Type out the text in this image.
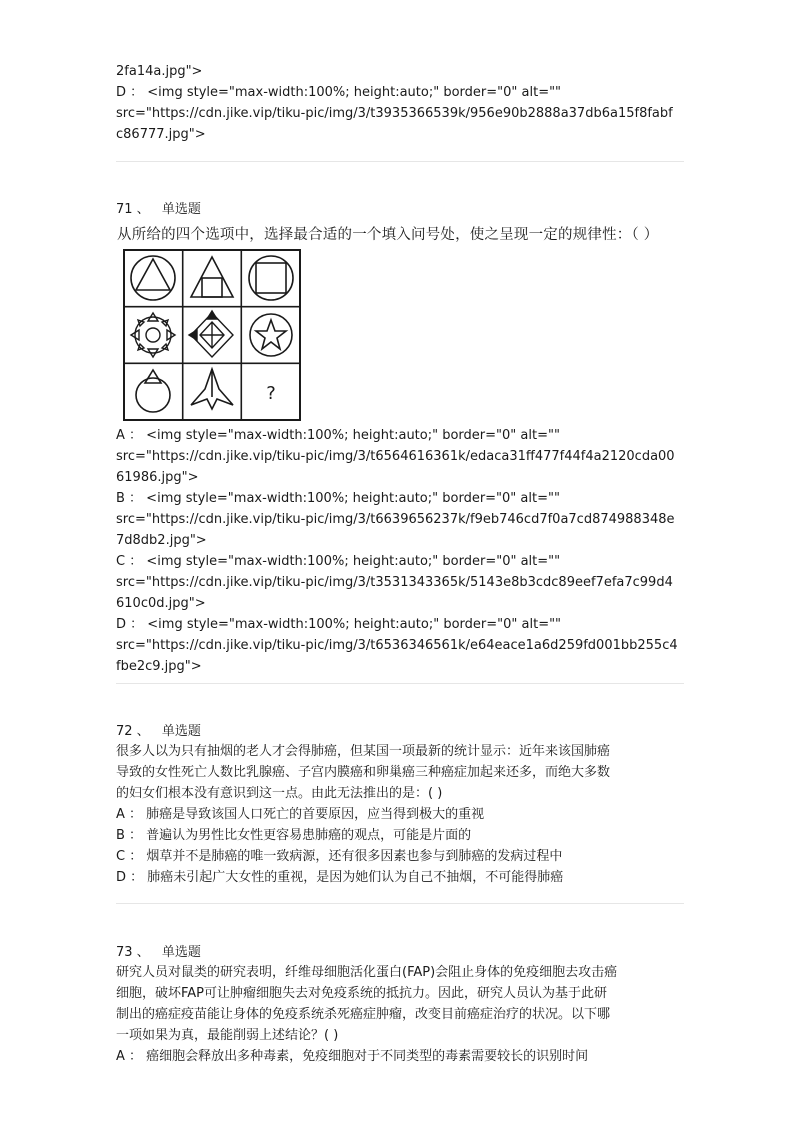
2fa14a.jpg">
D ： <img style="max-width:100%; height:auto;" border="0" alt=""
src="https://cdn.jike.vip/tiku-pic/img/3/t3935366539k/956e90b2888a37db6a15f8fabf
c86777.jpg">
71 、 单选题
从所给的四个选项中，选择最合适的一个填入问号处，使之呈现一定的规律性：（ ）
?
A ： <img style="max-width:100%; height:auto;" border="0" alt=""
src="https://cdn.jike.vip/tiku-pic/img/3/t6564616361k/edaca31ff477f44f4a2120cda00
61986.jpg">
B ： <img style="max-width:100%; height:auto;" border="0" alt=""
src="https://cdn.jike.vip/tiku-pic/img/3/t6639656237k/f9eb746cd7f0a7cd874988348e
7d8db2.jpg">
C ： <img style="max-width:100%; height:auto;" border="0" alt=""
src="https://cdn.jike.vip/tiku-pic/img/3/t3531343365k/5143e8b3cdc89eef7efa7c99d4
610c0d.jpg">
D ： <img style="max-width:100%; height:auto;" border="0" alt=""
src="https://cdn.jike.vip/tiku-pic/img/3/t6536346561k/e64eace1a6d259fd001bb255c4
fbe2c9.jpg">
72 、 单选题
很多人以为只有抽烟的老人才会得肺癌，但某国一项最新的统计显示：近年来该国肺癌
导致的女性死亡人数比乳腺癌、子宫内膜癌和卵巢癌三种癌症加起来还多，而绝大多数
的妇女们根本没有意识到这一点。由此无法推出的是：( )
A ： 肺癌是导致该国人口死亡的首要原因，应当得到极大的重视
B ： 普遍认为男性比女性更容易患肺癌的观点，可能是片面的
C ： 烟草并不是肺癌的唯一致病源，还有很多因素也参与到肺癌的发病过程中
D ： 肺癌未引起广大女性的重视，是因为她们认为自己不抽烟，不可能得肺癌
73 、 单选题
研究人员对鼠类的研究表明，纤维母细胞活化蛋白(FAP)会阻止身体的免疫细胞去攻击癌
细胞，破坏FAP可让肿瘤细胞失去对免疫系统的抵抗力。因此，研究人员认为基于此研
制出的癌症疫苗能让身体的免疫系统杀死癌症肿瘤，改变目前癌症治疗的状况。以下哪
一项如果为真，最能削弱上述结论？( )
A ： 癌细胞会释放出多种毒素，免疫细胞对于不同类型的毒素需要较长的识别时间
